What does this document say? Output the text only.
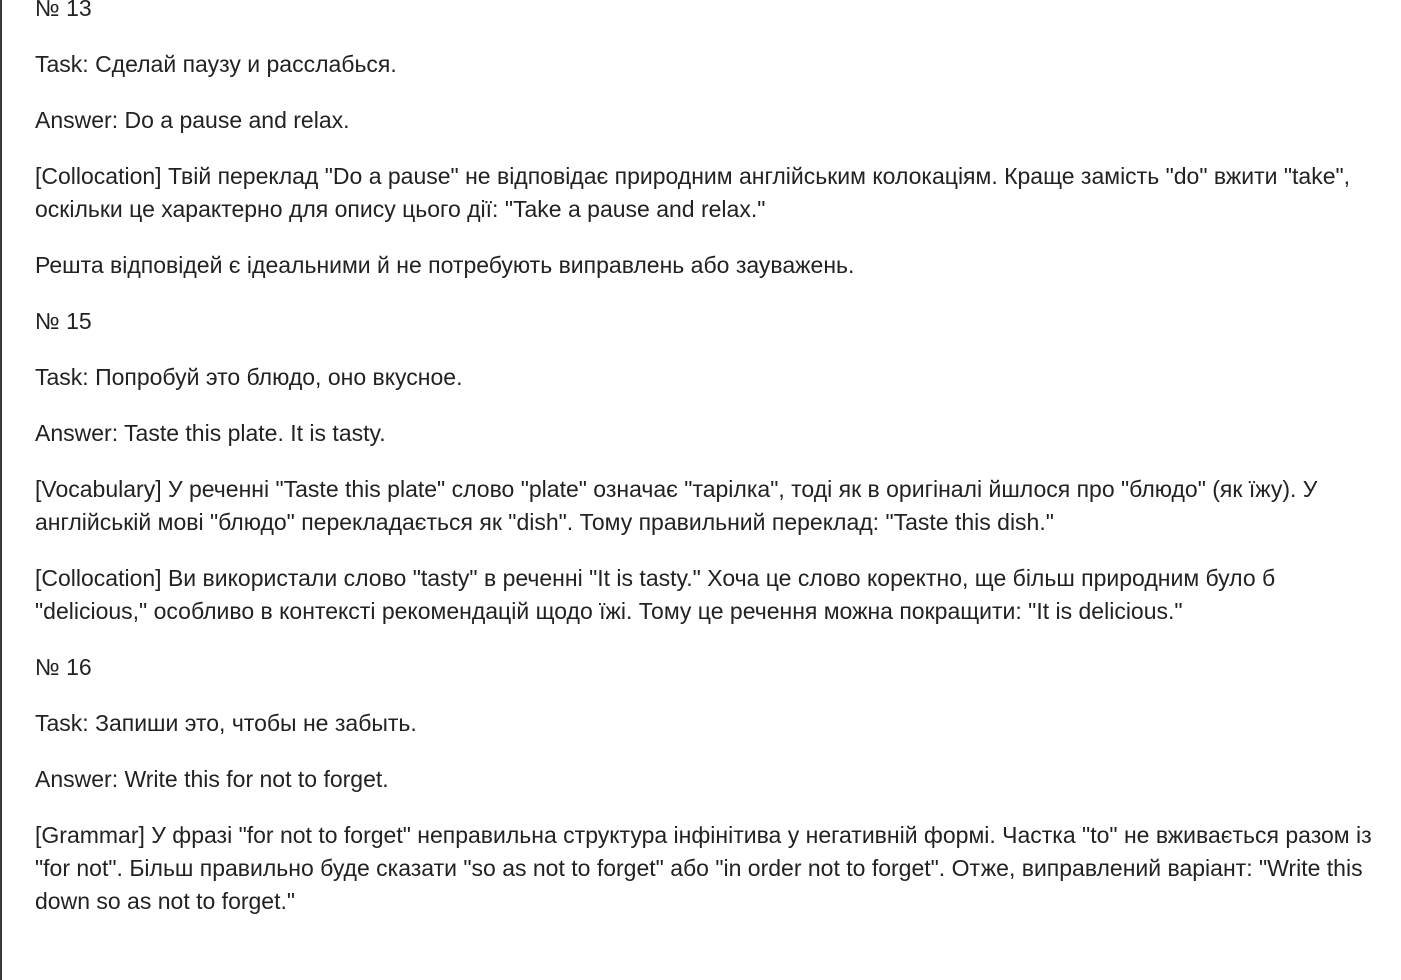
№ 13

Task: Сделай паузу и расслабься.

Answer: Do a pause and relax.

[Collocation] Твій переклад "Do a pause" не відповідає природним англійським колокаціям. Краще замість "do" вжити "take", оскільки це характерно для опису цього дії: "Take a pause and relax."

Решта відповідей є ідеальними й не потребують виправлень або зауважень.

№ 15

Task: Попробуй это блюдо, оно вкусное.

Answer: Taste this plate. It is tasty.

[Vocabulary] У реченні "Taste this plate" слово "plate" означає "тарілка", тоді як в оригіналі йшлося про "блюдо" (як їжу). У англійській мові "блюдо" перекладається як "dish". Тому правильний переклад: "Taste this dish."

[Collocation] Ви використали слово "tasty" в реченні "It is tasty." Хоча це слово коректно, ще більш природним було б "delicious," особливо в контексті рекомендацій щодо їжі. Тому це речення можна покращити: "It is delicious."

№ 16

Task: Запиши это, чтобы не забыть.

Answer: Write this for not to forget.

[Grammar] У фразі "for not to forget" неправильна структура інфінітива у негативній формі. Частка "to" не вживається разом із "for not". Більш правильно буде сказати "so as not to forget" або "in order not to forget". Отже, виправлений варіант: "Write this down so as not to forget."
